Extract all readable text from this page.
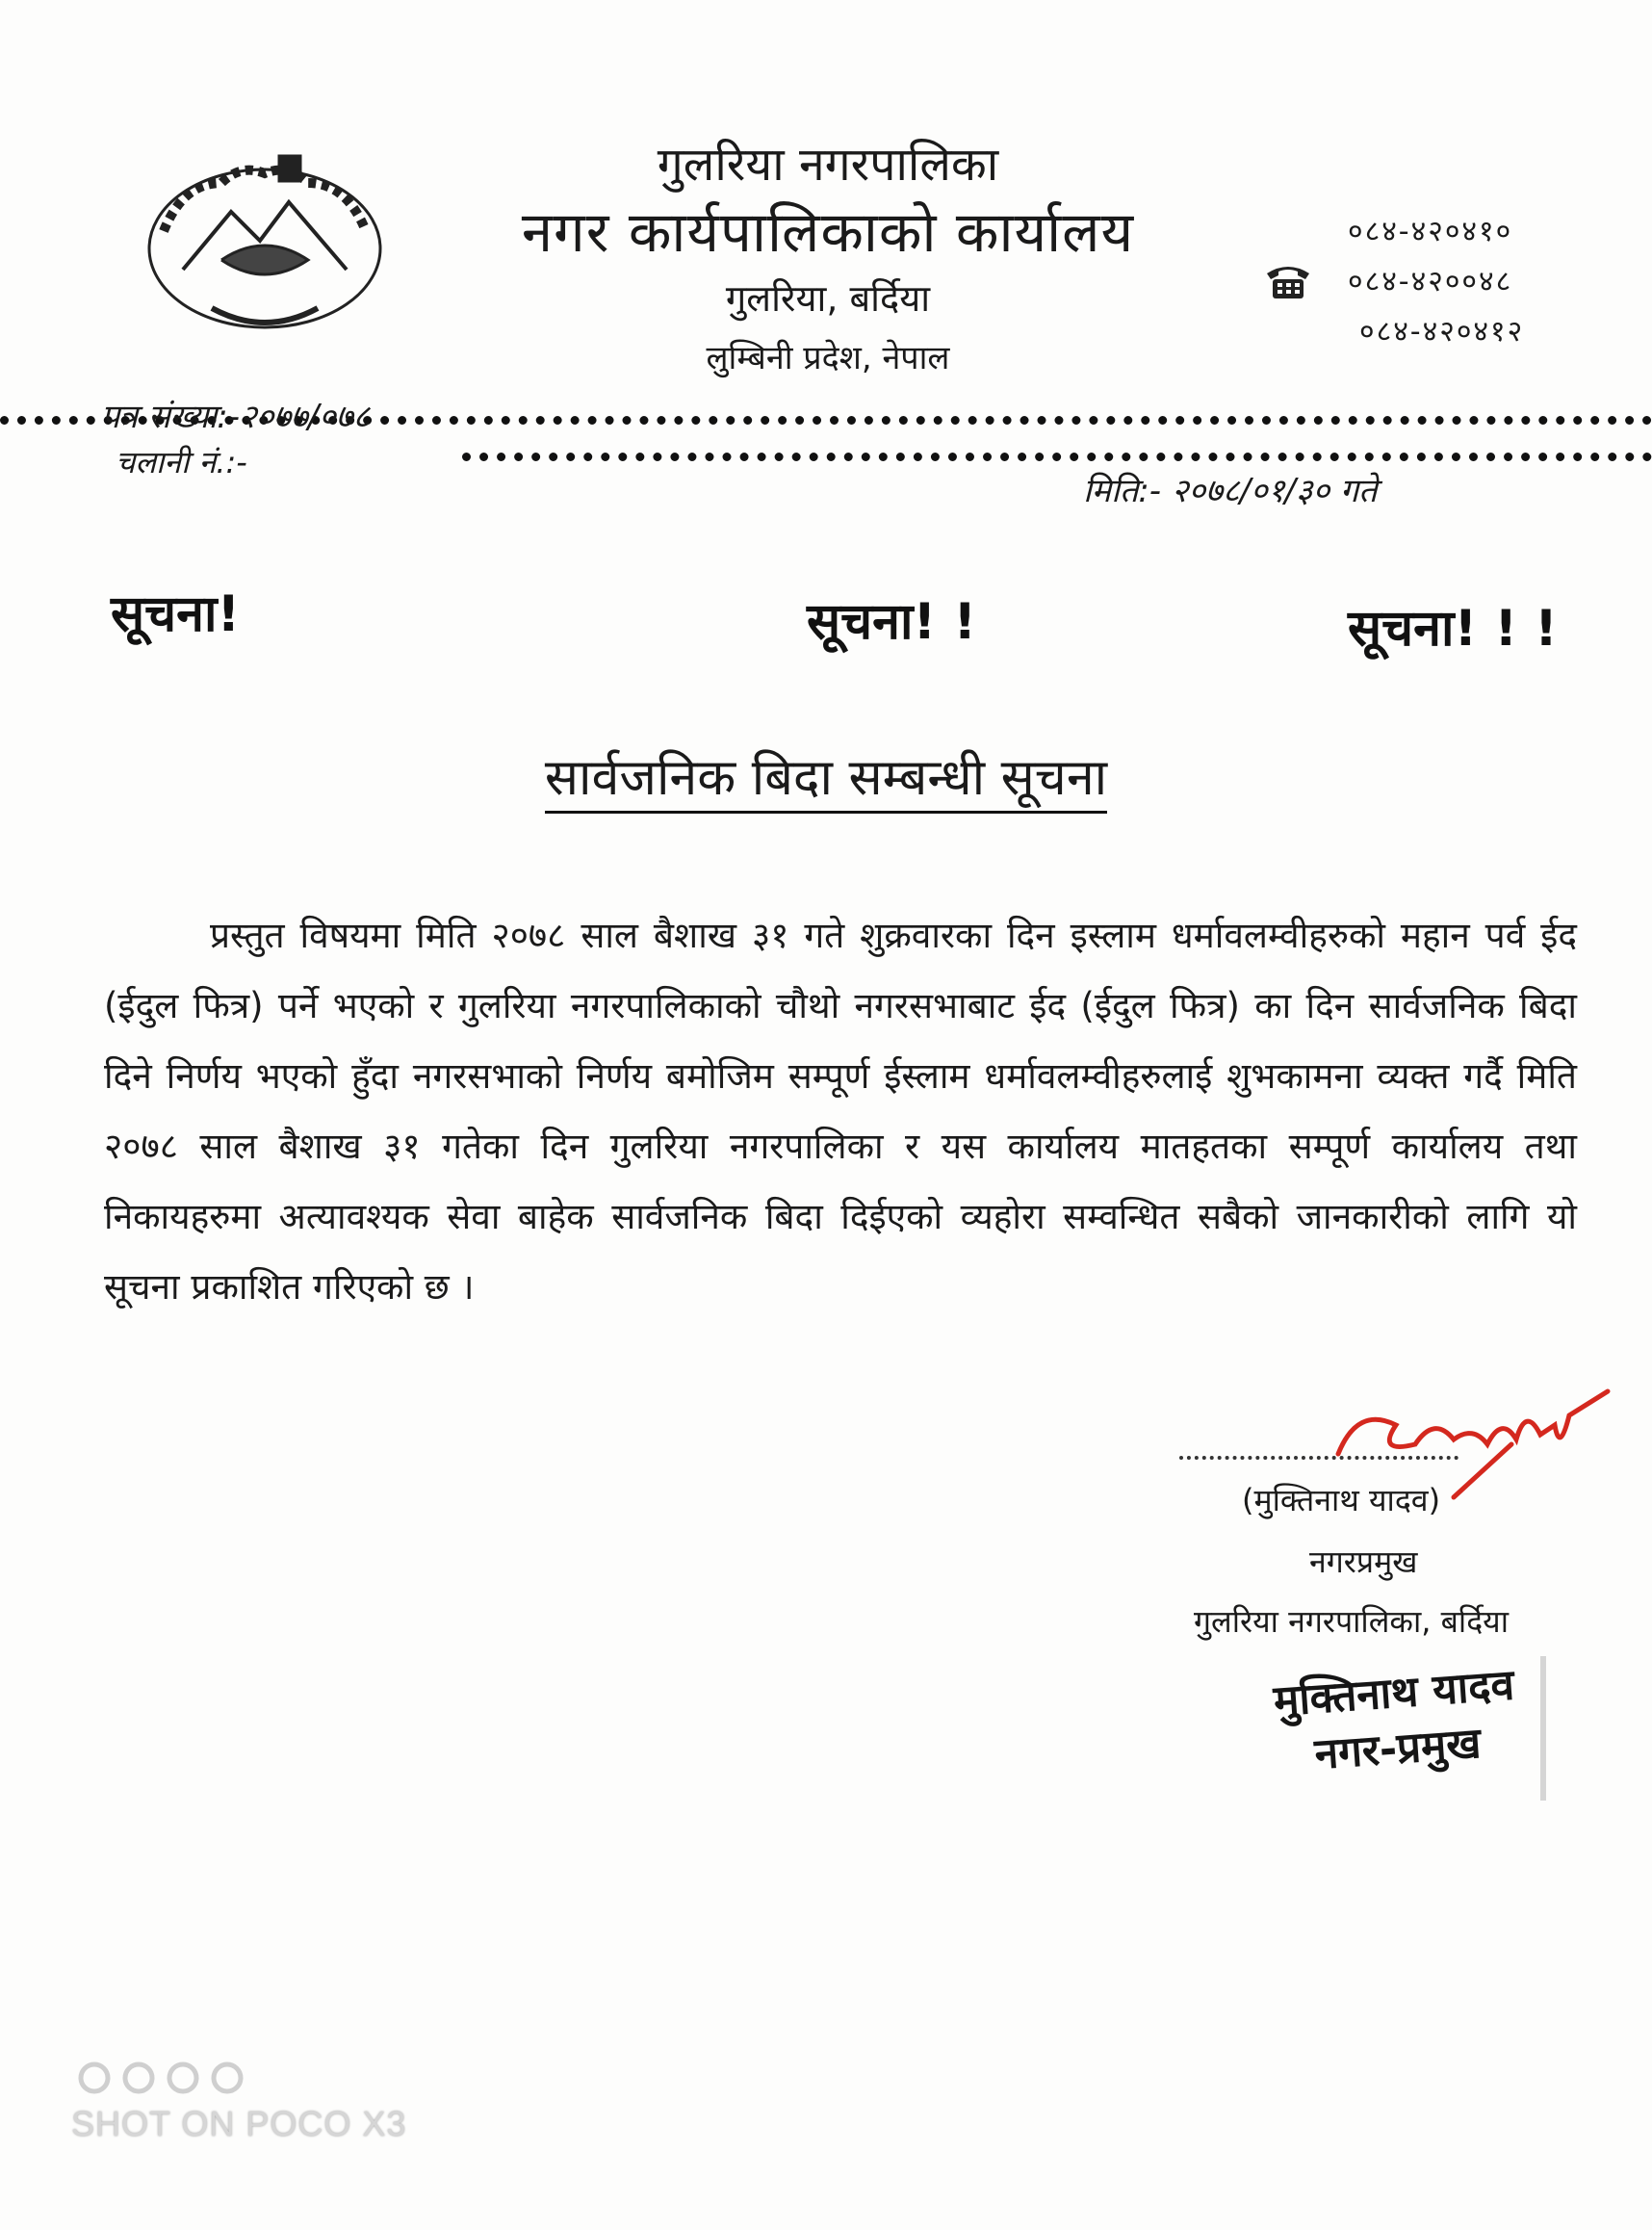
गुलरिया नगरपालिका
नगर कार्यपालिकाको कार्यालय
गुलरिया, बर्दिया
लुम्बिनी प्रदेश, नेपाल
०८४-४२०४१०
०८४-४२००४८
०८४-४२०४१२
पत्र संख्या:-२०७७/०७८
चलानी नं.:-
मिति:- २०७८/०१/३० गते
सूचना!	सूचना! !	सूचना! ! !
सार्वजनिक बिदा सम्बन्धी सूचना

प्रस्तुत विषयमा मिति २०७८ साल बैशाख ३१ गते शुक्रवारका दिन इस्लाम धर्मावलम्वीहरुको महान पर्व ईद (ईदुल फित्र) पर्ने भएको र गुलरिया नगरपालिकाको चौथो नगरसभाबाट ईद (ईदुल फित्र) का दिन सार्वजनिक बिदा दिने निर्णय भएको हुँदा नगरसभाको निर्णय बमोजिम सम्पूर्ण ईस्लाम धर्मावलम्वीहरुलाई शुभकामना व्यक्त गर्दै मिति २०७८ साल बैशाख ३१ गतेका दिन गुलरिया नगरपालिका र यस कार्यालय मातहतका सम्पूर्ण कार्यालय तथा निकायहरुमा अत्यावश्यक सेवा बाहेक सार्वजनिक बिदा दिईएको व्यहोरा सम्वन्धित सबैको जानकारीको लागि यो सूचना प्रकाशित गरिएको छ ।

(मुक्तिनाथ यादव)
नगरप्रमुख
गुलरिया नगरपालिका, बर्दिया
मुक्तिनाथ यादव
नगर-प्रमुख
SHOT ON POCO X3
